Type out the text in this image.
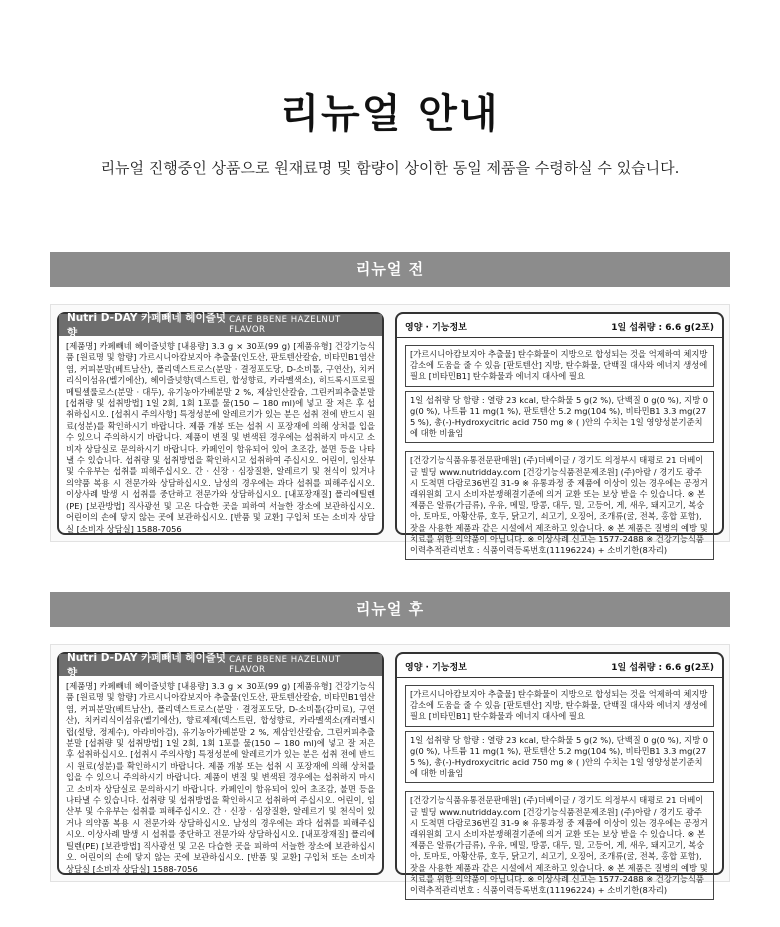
리뉴얼 안내
리뉴얼 진행중인 상품으로 원재료명 및 함량이 상이한 동일 제품을 수령하실 수 있습니다.
리뉴얼 전
Nutri D-DAY 카페빼네 헤이즐넛향
CAFE BBENE HAZELNUT FLAVOR
[제품명] 카페빼네 헤이즐넛향 [내용량] 3.3 g × 30포(99 g) [제품유형] 건강기능식품 [원료명 및 함량] 가르시니아캄보지아 추출물(인도산, 판토텐산칼슘, 비타민B1염산염, 커피분말(베트남산), 폴리덱스트로스(분말 · 결정포도당, D-소비톨, 구연산), 치커리식이섬유(벨기에산), 헤이즐넛향(덱스트린, 합성향료, 카라멜색소), 히드록시프로필메틸셀룰로스(분말 · 대두), 유기농아가베분말 2 %, 제삼인산칼슘, 그린커피추출분말 [섭취량 및 섭취방법] 1일 2회, 1회 1포를 물(150 ~ 180 ml)에 넣고 잘 저은 후 섭취하십시오. [섭취시 주의사항] 특정성분에 알레르기가 있는 분은 섭취 전에 반드시 원료(성분)를 확인하시기 바랍니다. 제품 개봉 또는 섭취 시 포장재에 의해 상처를 입을 수 있으니 주의하시기 바랍니다. 제품이 변질 및 변색된 경우에는 섭취하지 마시고 소비자 상담실로 문의하시기 바랍니다. 카페인이 함유되어 있어 초조감, 불면 등을 나타낼 수 있습니다. 섭취량 및 섭취방법을 확인하시고 섭취하여 주십시오. 어린이, 임산부 및 수유부는 섭취를 피해주십시오. 간 · 신장 · 심장질환, 알레르기 및 천식이 있거나 의약품 복용 시 전문가와 상담하십시오. 남성의 경우에는 과다 섭취를 피해주십시오. 이상사례 발생 시 섭취를 중단하고 전문가와 상담하십시오. [내포장재질] 폴리에틸렌(PE) [보관방법] 직사광선 및 고온 다습한 곳을 피하여 서늘한 장소에 보관하십시오. 어린이의 손에 닿지 않는 곳에 보관하십시오. [반품 및 교환] 구입처 또는 소비자 상담실 [소비자 상담실] 1588-7056
영양 · 기능정보	1일 섭취량 : 6.6 g(2포)
[가르시니아캄보지아 추출물] 탄수화물이 지방으로 합성되는 것을 억제하여 체지방 감소에 도움을 줄 수 있음 [판토텐산] 지방, 탄수화물, 단백질 대사와 에너지 생성에 필요 [비타민B1] 탄수화물과 에너지 대사에 필요
1일 섭취량 당 함량 : 열량 23 kcal, 탄수화물 5 g(2 %), 단백질 0 g(0 %), 지방 0 g(0 %), 나트륨 11 mg(1 %), 판토텐산 5.2 mg(104 %), 비타민B1 3.3 mg(275 %), 총(-)-Hydroxycitric acid 750 mg ※ ( )안의 수치는 1일 영양성분기준치에 대한 비율임
[건강기능식품유통전문판매원] (주)더베이글 / 경기도 의정부시 태평로 21 더베이글 빌딩 www.nutridday.com [건강기능식품전문제조원] (주)아람 / 경기도 광주시 도척면 다람로36번길 31-9 ※ 유통과정 중 제품에 이상이 있는 경우에는 공정거래위원회 고시 소비자분쟁해결기준에 의거 교환 또는 보상 받을 수 있습니다. ※ 본 제품은 알류(가금류), 우유, 메밀, 땅콩, 대두, 밀, 고등어, 게, 새우, 돼지고기, 복숭아, 토마토, 아황산류, 호두, 닭고기, 쇠고기, 오징어, 조개류(굴, 전복, 홍합 포함), 잣을 사용한 제품과 같은 시설에서 제조하고 있습니다. ※ 본 제품은 질병의 예방 및 치료를 위한 의약품이 아닙니다. ※ 이상사례 신고는 1577-2488 ※ 건강기능식품 이력추적관리번호 : 식품이력등록번호(11196224) + 소비기한(8자리)
리뉴얼 후
Nutri D-DAY 카페빼네 헤이즐넛향
CAFE BBENE HAZELNUT FLAVOR
[제품명] 카페빼네 헤이즐넛향 [내용량] 3.3 g × 30포(99 g) [제품유형] 건강기능식품 [원료명 및 함량] 가르시니아캄보지아 추출물(인도산, 판토텐산칼슘, 비타민B1염산염, 커피분말(베트남산), 폴리덱스트로스(분말 · 결정포도당, D-소비톨(감미료), 구연산), 치커리식이섬유(벨기에산), 향료제제(덱스트린, 합성향료, 카라멜색소(캐러멜시럽(설탕, 정제수), 아라비아검), 유기농아가베분말 2 %, 제삼인산칼슘, 그린커피추출분말 [섭취량 및 섭취방법] 1일 2회, 1회 1포를 물(150 ~ 180 ml)에 넣고 잘 저은 후 섭취하십시오. [섭취시 주의사항] 특정성분에 알레르기가 있는 분은 섭취 전에 반드시 원료(성분)를 확인하시기 바랍니다. 제품 개봉 또는 섭취 시 포장재에 의해 상처를 입을 수 있으니 주의하시기 바랍니다. 제품이 변질 및 변색된 경우에는 섭취하지 마시고 소비자 상담실로 문의하시기 바랍니다. 카페인이 함유되어 있어 초조감, 불면 등을 나타낼 수 있습니다. 섭취량 및 섭취방법을 확인하시고 섭취하여 주십시오. 어린이, 임산부 및 수유부는 섭취를 피해주십시오. 간 · 신장 · 심장질환, 알레르기 및 천식이 있거나 의약품 복용 시 전문가와 상담하십시오. 남성의 경우에는 과다 섭취를 피해주십시오. 이상사례 발생 시 섭취를 중단하고 전문가와 상담하십시오. [내포장재질] 폴리에틸렌(PE) [보관방법] 직사광선 및 고온 다습한 곳을 피하여 서늘한 장소에 보관하십시오. 어린이의 손에 닿지 않는 곳에 보관하십시오. [반품 및 교환] 구입처 또는 소비자 상담실 [소비자 상담실] 1588-7056
영양 · 기능정보	1일 섭취량 : 6.6 g(2포)
[가르시니아캄보지아 추출물] 탄수화물이 지방으로 합성되는 것을 억제하여 체지방 감소에 도움을 줄 수 있음 [판토텐산] 지방, 탄수화물, 단백질 대사와 에너지 생성에 필요 [비타민B1] 탄수화물과 에너지 대사에 필요
1일 섭취량 당 함량 : 열량 23 kcal, 탄수화물 5 g(2 %), 단백질 0 g(0 %), 지방 0 g(0 %), 나트륨 11 mg(1 %), 판토텐산 5.2 mg(104 %), 비타민B1 3.3 mg(275 %), 총(-)-Hydroxycitric acid 750 mg ※ ( )안의 수치는 1일 영양성분기준치에 대한 비율임
[건강기능식품유통전문판매원] (주)더베이글 / 경기도 의정부시 태평로 21 더베이글 빌딩 www.nutridday.com [건강기능식품전문제조원] (주)아람 / 경기도 광주시 도척면 다람로36번길 31-9 ※ 유통과정 중 제품에 이상이 있는 경우에는 공정거래위원회 고시 소비자분쟁해결기준에 의거 교환 또는 보상 받을 수 있습니다. ※ 본 제품은 알류(가금류), 우유, 메밀, 땅콩, 대두, 밀, 고등어, 게, 새우, 돼지고기, 복숭아, 토마토, 아황산류, 호두, 닭고기, 쇠고기, 오징어, 조개류(굴, 전복, 홍합 포함), 잣을 사용한 제품과 같은 시설에서 제조하고 있습니다. ※ 본 제품은 질병의 예방 및 치료를 위한 의약품이 아닙니다. ※ 이상사례 신고는 1577-2488 ※ 건강기능식품 이력추적관리번호 : 식품이력등록번호(11196224) + 소비기한(8자리)
